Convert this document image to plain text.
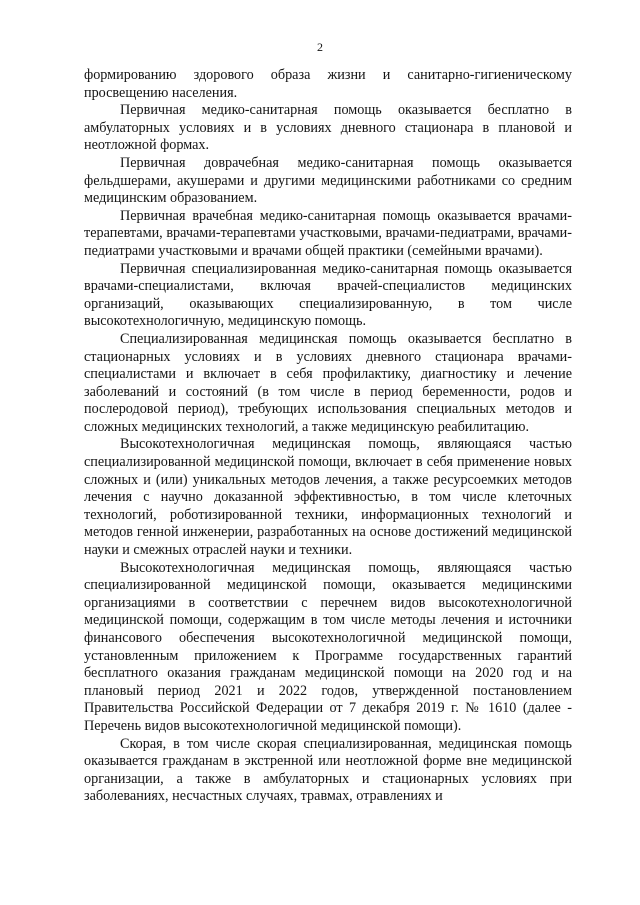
2

формированию здорового образа жизни и санитарно-гигиеническому просвещению населения.

Первичная медико-санитарная помощь оказывается бесплатно в амбулаторных условиях и в условиях дневного стационара в плановой и неотложной формах.

Первичная доврачебная медико-санитарная помощь оказывается фельдшерами, акушерами и другими медицинскими работниками со средним медицинским образованием.

Первичная врачебная медико-санитарная помощь оказывается врачами-терапевтами, врачами-терапевтами участковыми, врачами-педиатрами, врачами-педиатрами участковыми и врачами общей практики (семейными врачами).

Первичная специализированная медико-санитарная помощь оказывается врачами-специалистами, включая врачей-специалистов медицинских организаций, оказывающих специализированную, в том числе высокотехнологичную, медицинскую помощь.

Специализированная медицинская помощь оказывается бесплатно в стационарных условиях и в условиях дневного стационара врачами-специалистами и включает в себя профилактику, диагностику и лечение заболеваний и состояний (в том числе в период беременности, родов и послеродовой период), требующих использования специальных методов и сложных медицинских технологий, а также медицинскую реабилитацию.

Высокотехнологичная медицинская помощь, являющаяся частью специализированной медицинской помощи, включает в себя применение новых сложных и (или) уникальных методов лечения, а также ресурсоемких методов лечения с научно доказанной эффективностью, в том числе клеточных технологий, роботизированной техники, информационных технологий и методов генной инженерии, разработанных на основе достижений медицинской науки и смежных отраслей науки и техники.

Высокотехнологичная медицинская помощь, являющаяся частью специализированной медицинской помощи, оказывается медицинскими организациями в соответствии с перечнем видов высокотехнологичной медицинской помощи, содержащим в том числе методы лечения и источники финансового обеспечения высокотехнологичной медицинской помощи, установленным приложением к Программе государственных гарантий бесплатного оказания гражданам медицинской помощи на 2020 год и на плановый период 2021 и 2022 годов, утвержденной постановлением Правительства Российской Федерации от 7 декабря 2019 г. № 1610 (далее - Перечень видов высокотехнологичной медицинской помощи).

Скорая, в том числе скорая специализированная, медицинская помощь оказывается гражданам в экстренной или неотложной форме вне медицинской организации, а также в амбулаторных и стационарных условиях при заболеваниях, несчастных случаях, травмах, отравлениях и
